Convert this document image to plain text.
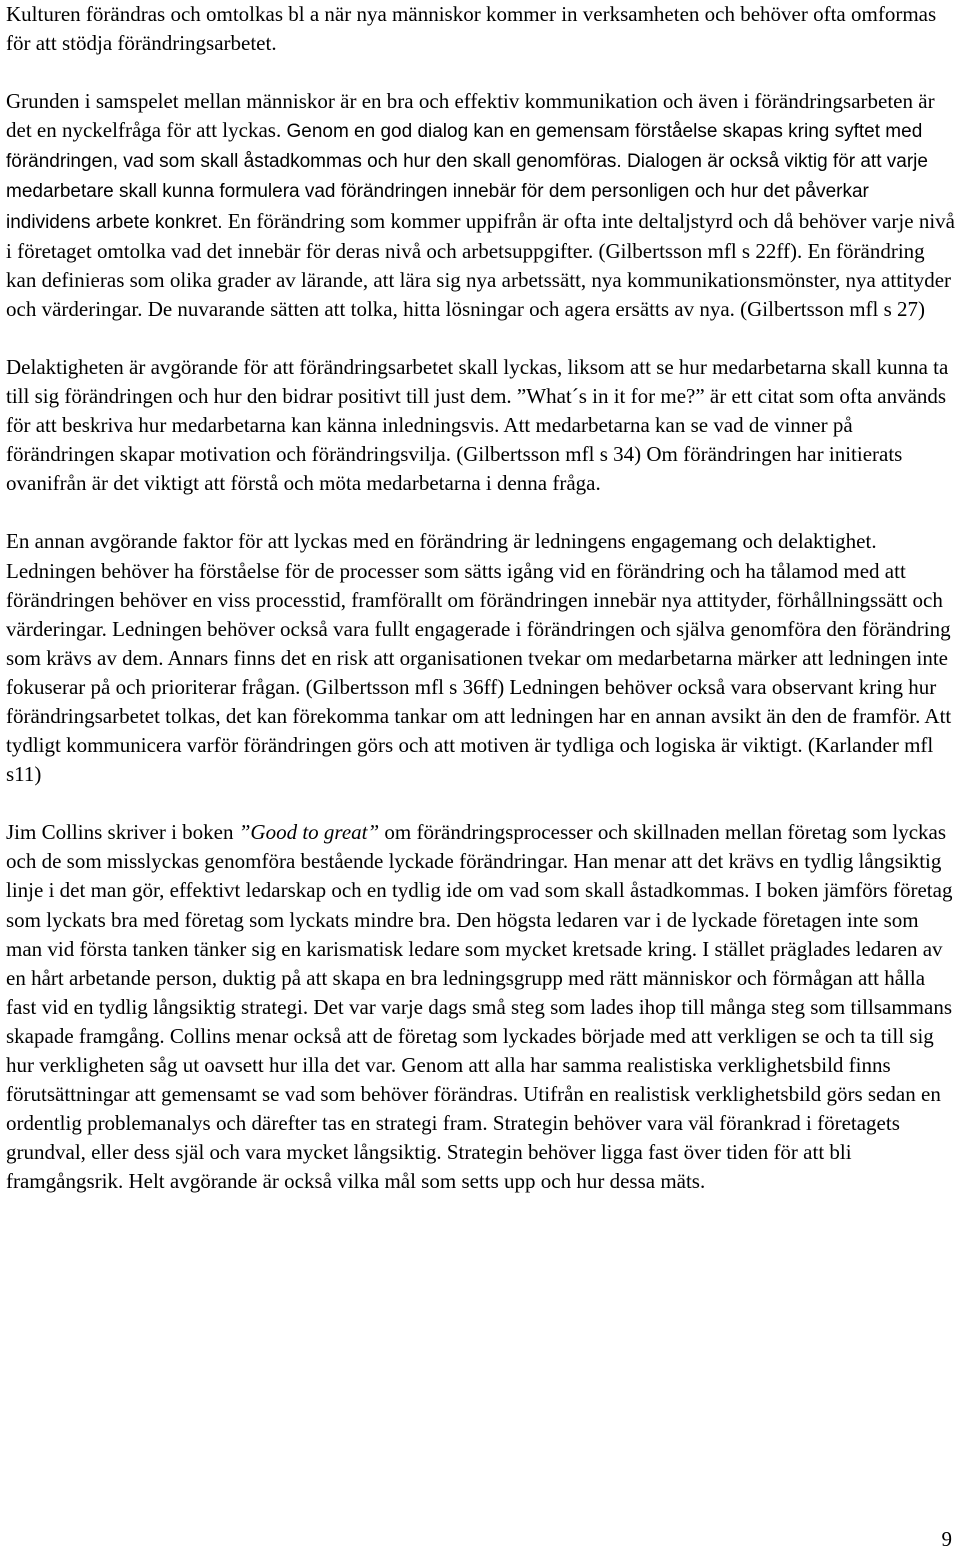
Kulturen förändras och omtolkas bl a när nya människor kommer in verksamheten och behöver ofta omformas för att stödja förändringsarbetet.

Grunden i samspelet mellan människor är en bra och effektiv kommunikation och även i förändringsarbeten är det en nyckelfråga för att lyckas. Genom en god dialog kan en gemensam förståelse skapas kring syftet med förändringen, vad som skall åstadkommas och hur den skall genomföras. Dialogen är också viktig för att varje medarbetare skall kunna formulera vad förändringen innebär för dem personligen och hur det påverkar individens arbete konkret. En förändring som kommer uppifrån är ofta inte deltaljstyrd och då behöver varje nivå i företaget omtolka vad det innebär för deras nivå och arbetsuppgifter. (Gilbertsson mfl s 22ff). En förändring kan definieras som olika grader av lärande, att lära sig nya arbetssätt, nya kommunikationsmönster, nya attityder och värderingar. De nuvarande sätten att tolka, hitta lösningar och agera ersätts av nya. (Gilbertsson mfl s 27)

Delaktigheten är avgörande för att förändringsarbetet skall lyckas, liksom att se hur medarbetarna skall kunna ta till sig förändringen och hur den bidrar positivt till just dem. ”What´s in it for me?” är ett citat som ofta används för att beskriva hur medarbetarna kan känna inledningsvis. Att medarbetarna kan se vad de vinner på förändringen skapar motivation och förändringsvilja. (Gilbertsson mfl s 34) Om förändringen har initierats ovanifrån är det viktigt att förstå och möta medarbetarna i denna fråga.

En annan avgörande faktor för att lyckas med en förändring är ledningens engagemang och delaktighet. Ledningen behöver ha förståelse för de processer som sätts igång vid en förändring och ha tålamod med att förändringen behöver en viss processtid, framförallt om förändringen innebär nya attityder, förhållningssätt och värderingar. Ledningen behöver också vara fullt engagerade i förändringen och själva genomföra den förändring som krävs av dem. Annars finns det en risk att organisationen tvekar om medarbetarna märker att ledningen inte fokuserar på och prioriterar frågan. (Gilbertsson mfl s 36ff) Ledningen behöver också vara observant kring hur förändringsarbetet tolkas, det kan förekomma tankar om att ledningen har en annan avsikt än den de framför. Att tydligt kommunicera varför förändringen görs och att motiven är tydliga och logiska är viktigt. (Karlander mfl s11)

Jim Collins skriver i boken ”Good to great” om förändringsprocesser och skillnaden mellan företag som lyckas och de som misslyckas genomföra bestående lyckade förändringar. Han menar att det krävs en tydlig långsiktig linje i det man gör, effektivt ledarskap och en tydlig ide om vad som skall åstadkommas. I boken jämförs företag som lyckats bra med företag som lyckats mindre bra. Den högsta ledaren var i de lyckade företagen inte som man vid första tanken tänker sig en karismatisk ledare som mycket kretsade kring. I stället präglades ledaren av en hårt arbetande person, duktig på att skapa en bra ledningsgrupp med rätt människor och förmågan att hålla fast vid en tydlig långsiktig strategi. Det var varje dags små steg som lades ihop till många steg som tillsammans skapade framgång. Collins menar också att de företag som lyckades började med att verkligen se och ta till sig hur verkligheten såg ut oavsett hur illa det var. Genom att alla har samma realistiska verklighetsbild finns förutsättningar att gemensamt se vad som behöver förändras. Utifrån en realistisk verklighetsbild görs sedan en ordentlig problemanalys och därefter tas en strategi fram. Strategin behöver vara väl förankrad i företagets grundval, eller dess själ och vara mycket långsiktig. Strategin behöver ligga fast över tiden för att bli framgångsrik. Helt avgörande är också vilka mål som setts upp och hur dessa mäts.

9
